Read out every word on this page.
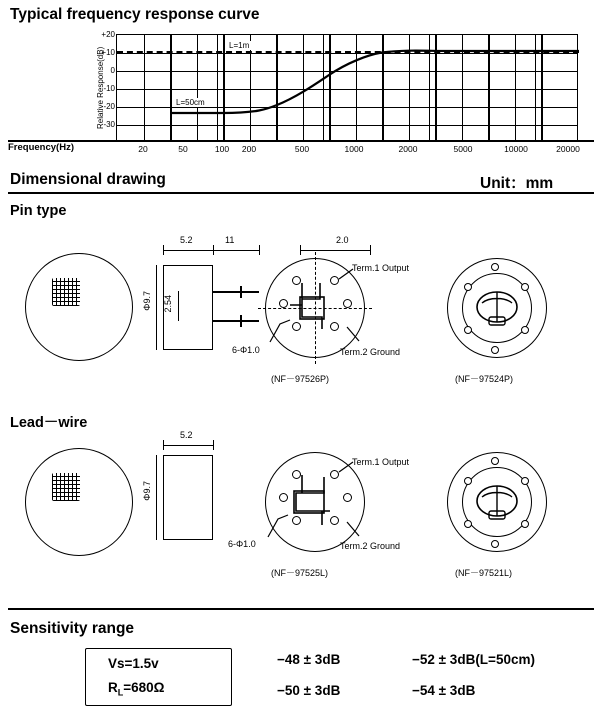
Typical frequency response curve
Relative Response(dB)
+20
+10
0
-10
-20
-30
L=1m
L=50cm
20	50	100 200	500	1000	2000	5000	10000	20000
Frequency(Hz)
Dimensional drawing	Unit：mm
Pin type
5.2	11
Φ9.7 2.54
2.0
Term.1 Output
Term.2 Ground
6-Φ1.0
(NF－97526P)	(NF－97524P)
Lead－wire
5.2
Φ9.7
Term.1 Output
Term.2 Ground
6-Φ1.0
(NF－97525L)	(NF－97521L)
Sensitivity range
Vs=1.5v
$R_L=680\Omega$
−48 ± 3dB	−52 ± 3dB(L=50cm)
−50 ± 3dB	−54 ± 3dB
